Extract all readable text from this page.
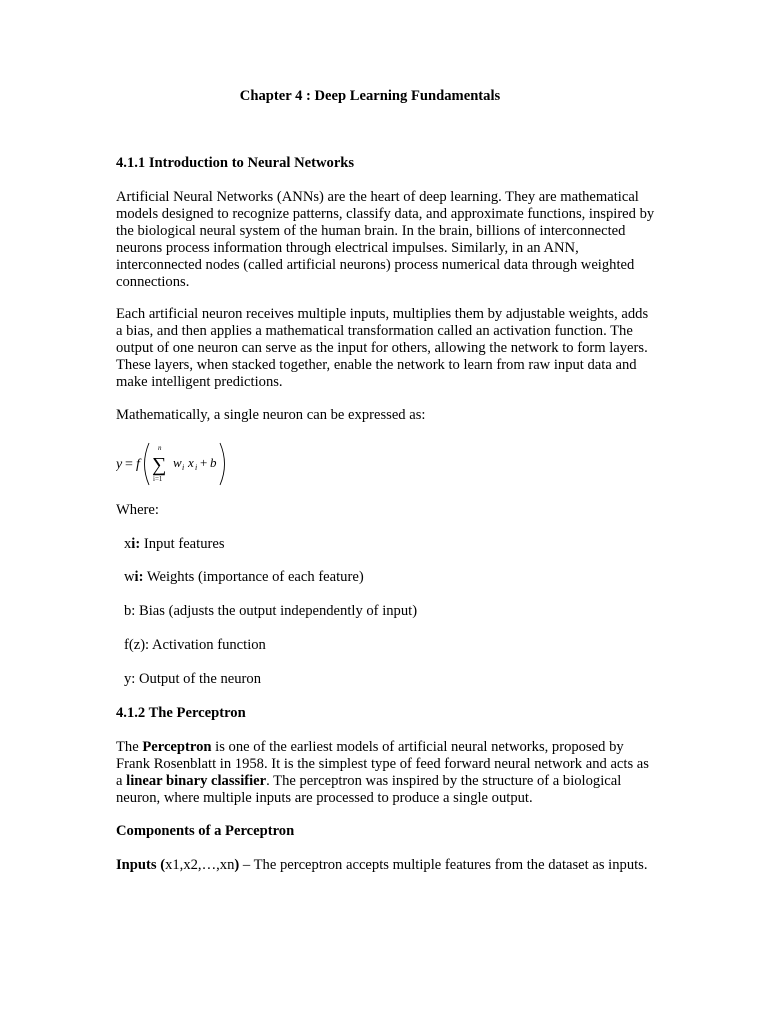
Chapter 4 : Deep Learning Fundamentals

4.1.1 Introduction to Neural Networks

Artificial Neural Networks (ANNs) are the heart of deep learning. They are mathematical models designed to recognize patterns, classify data, and approximate functions, inspired by the biological neural system of the human brain. In the brain, billions of interconnected neurons process information through electrical impulses. Similarly, in an ANN, interconnected nodes (called artificial neurons) process numerical data through weighted connections.

Each artificial neuron receives multiple inputs, multiplies them by adjustable weights, adds a bias, and then applies a mathematical transformation called an activation function. The output of one neuron can serve as the input for others, allowing the network to form layers. These layers, when stacked together, enable the network to learn from raw input data and make intelligent predictions.

Mathematically, a single neuron can be expressed as:

y = f
n
∑
i=1
w i x i + b

Where:

xi: Input features

wi: Weights (importance of each feature)

b: Bias (adjusts the output independently of input)

f(z): Activation function

y: Output of the neuron

4.1.2 The Perceptron

The Perceptron is one of the earliest models of artificial neural networks, proposed by Frank Rosenblatt in 1958. It is the simplest type of feed forward neural network and acts as a linear binary classifier. The perceptron was inspired by the structure of a biological neuron, where multiple inputs are processed to produce a single output.

Components of a Perceptron

Inputs (x1,x2,…,xn) – The perceptron accepts multiple features from the dataset as inputs.
